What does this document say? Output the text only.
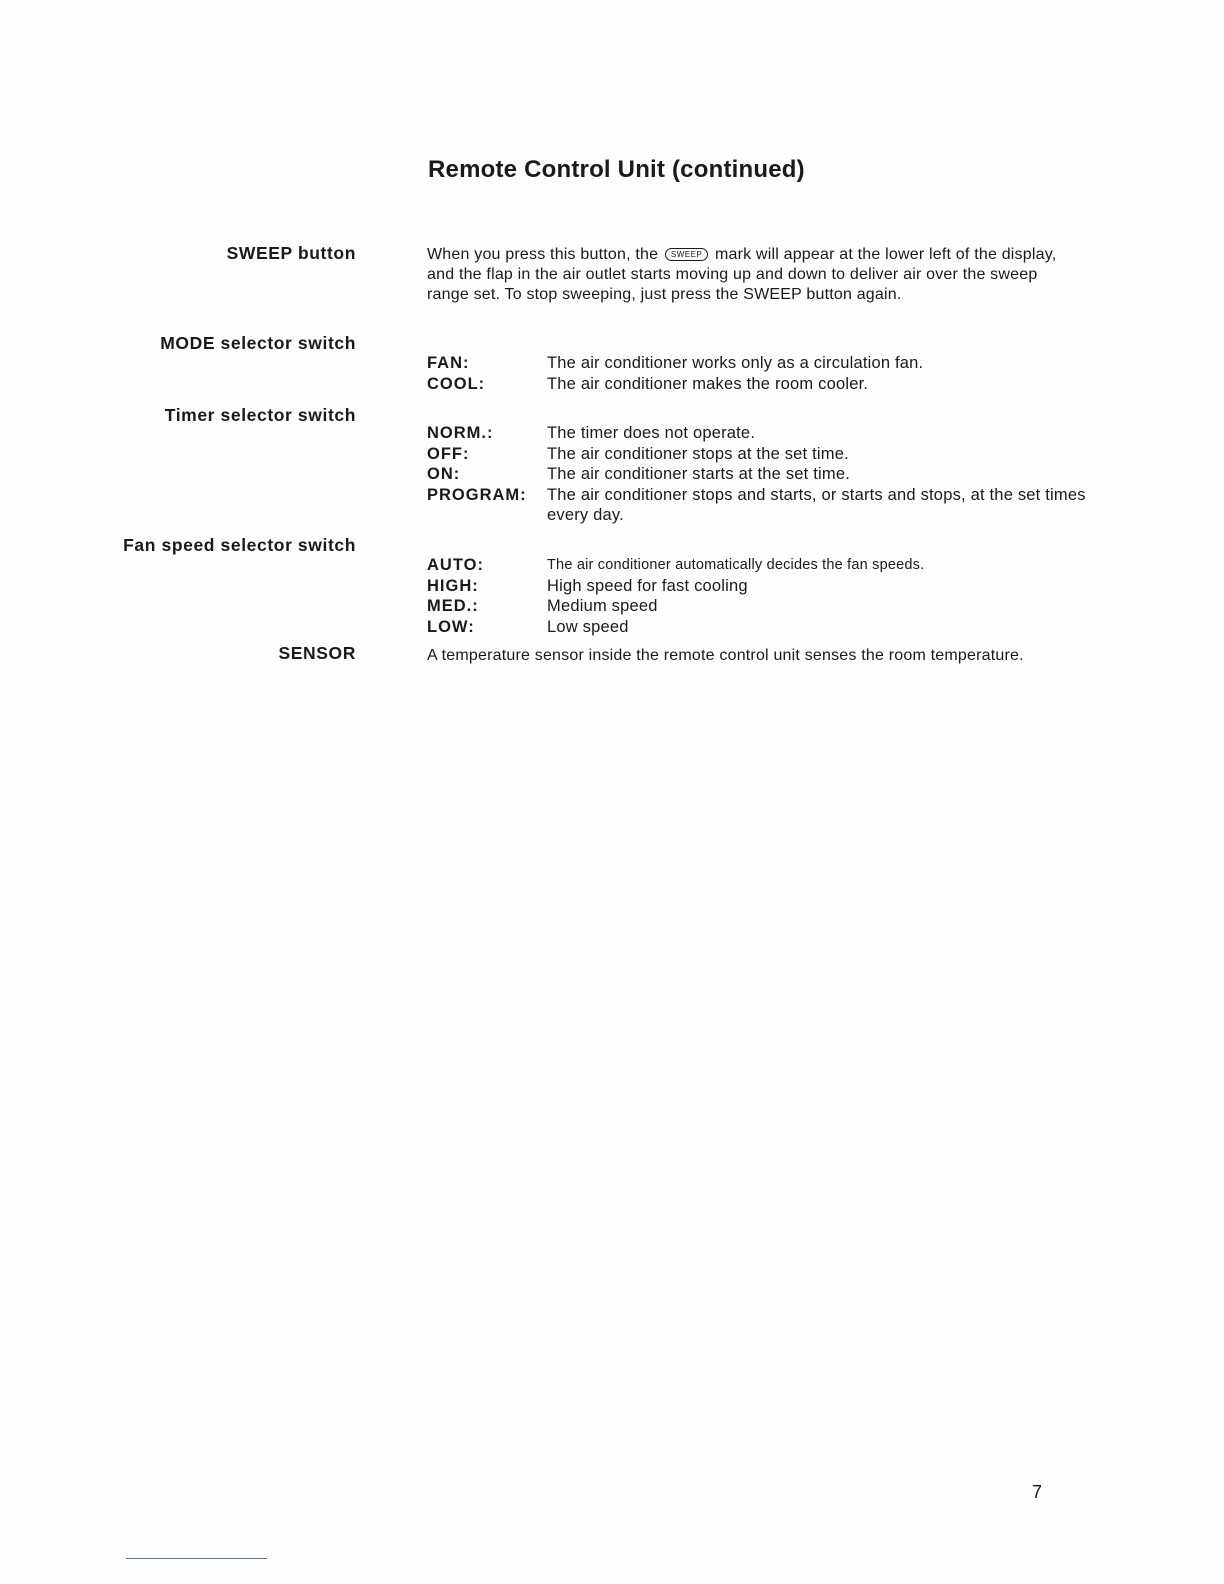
Remote Control Unit (continued)
SWEEP button	When you press this button, the SWEEP mark will appear at the lower left of the display, and the flap in the air outlet starts moving up and down to deliver air over the sweep range set. To stop sweeping, just press the SWEEP button again.
MODE selector switch
FAN:	The air conditioner works only as a circulation fan.
COOL:	The air conditioner makes the room cooler.
Timer selector switch
NORM.:	The timer does not operate.
OFF:	The air conditioner stops at the set time.
ON:	The air conditioner starts at the set time.
PROGRAM:	The air conditioner stops and starts, or starts and stops, at the set times every day.
Fan speed selector switch
AUTO:	The air conditioner automatically decides the fan speeds.
HIGH:	High speed for fast cooling
MED.:	Medium speed
LOW:	Low speed
SENSOR	A temperature sensor inside the remote control unit senses the room temperature.
7
